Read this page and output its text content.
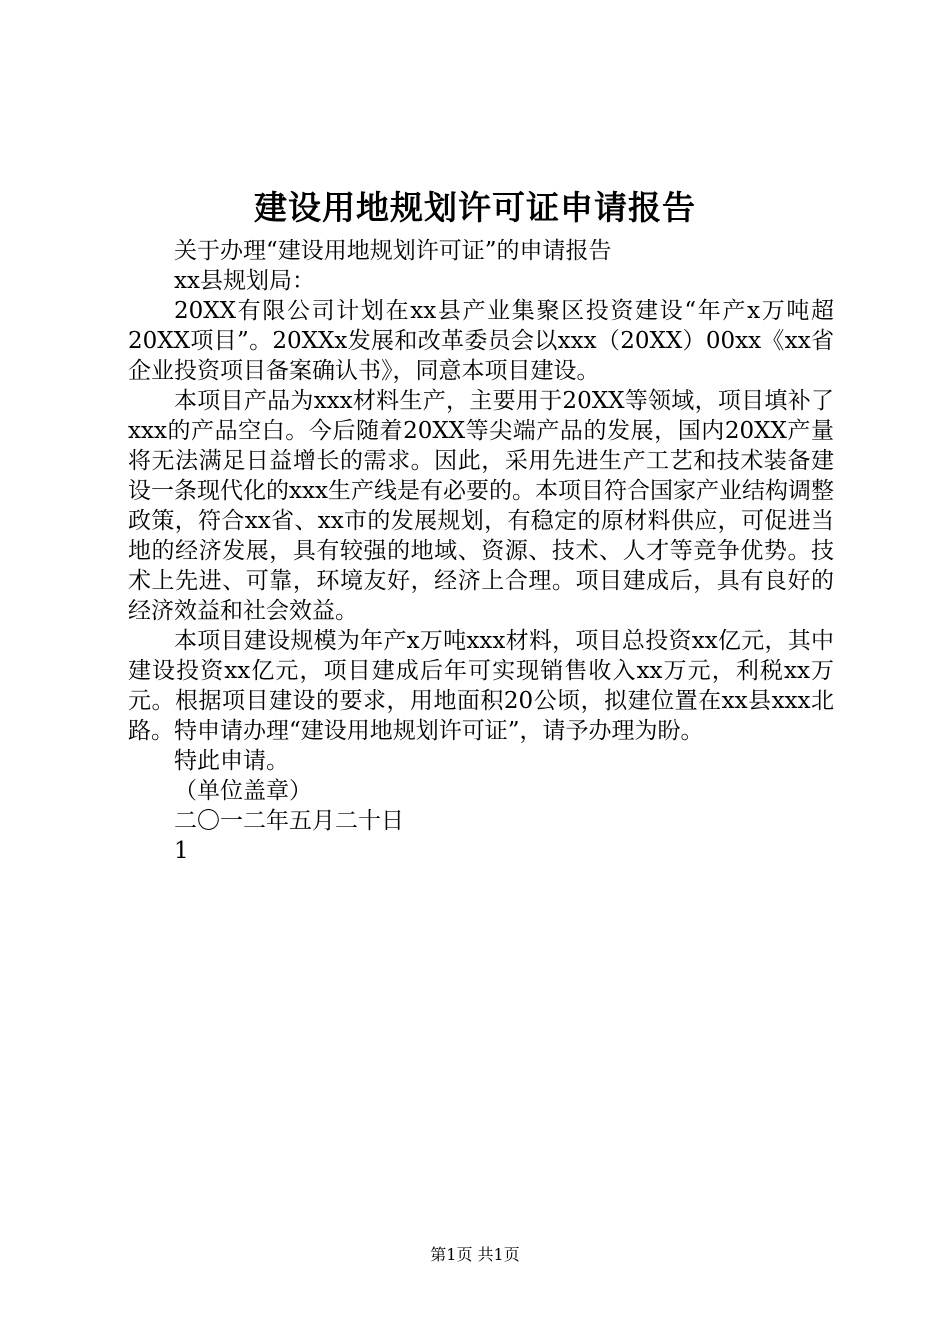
建设用地规划许可证申请报告

关于办理“建设用地规划许可证”的申请报告

xx县规划局：

20XX有限公司计划在xx县产业集聚区投资建设“年产x万吨超20XX项目”。20XXx发展和改革委员会以xxx（20XX）00xx《xx省企业投资项目备案确认书》，同意本项目建设。

本项目产品为xxx材料生产，主要用于20XX等领域，项目填补了xxx的产品空白。今后随着20XX等尖端产品的发展，国内20XX产量将无法满足日益增长的需求。因此，采用先进生产工艺和技术装备建设一条现代化的xxx生产线是有必要的。本项目符合国家产业结构调整政策，符合xx省、xx市的发展规划，有稳定的原材料供应，可促进当地的经济发展，具有较强的地域、资源、技术、人才等竞争优势。技术上先进、可靠，环境友好，经济上合理。项目建成后，具有良好的经济效益和社会效益。

本项目建设规模为年产x万吨xxx材料，项目总投资xx亿元，其中建设投资xx亿元，项目建成后年可实现销售收入xx万元，利税xx万元。根据项目建设的要求，用地面积20公顷，拟建位置在xx县xxx北路。特申请办理“建设用地规划许可证”，请予办理为盼。

特此申请。

（单位盖章）

二〇一二年五月二十日

1

第1页 共1页
